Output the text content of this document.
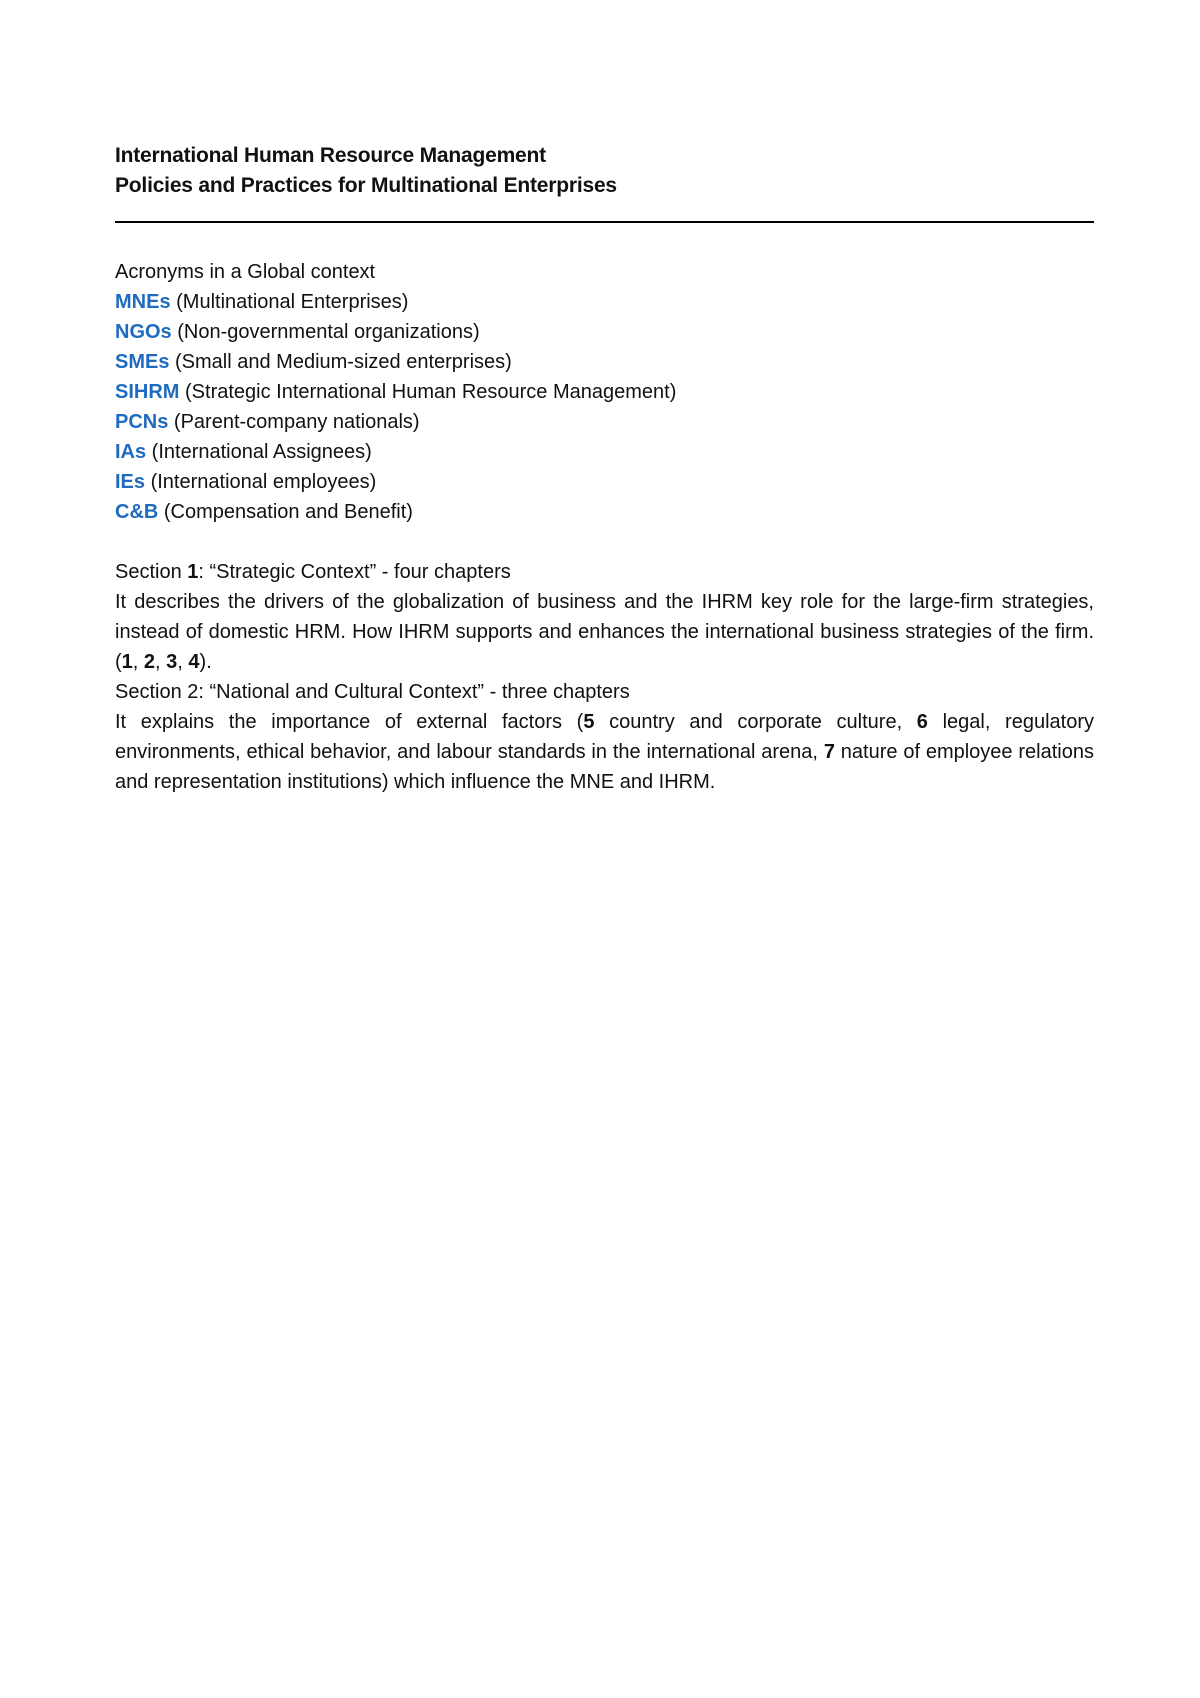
International Human Resource Management

Policies and Practices for Multinational Enterprises

Acronyms in a Global context

MNEs (Multinational Enterprises)

NGOs (Non-governmental organizations)

SMEs (Small and Medium-sized enterprises)

SIHRM (Strategic International Human Resource Management)

PCNs (Parent-company nationals)

IAs (International Assignees)

IEs (International employees)

C&B (Compensation and Benefit)

Section 1: “Strategic Context” - four chapters

It describes the drivers of the globalization of business and the IHRM key role for the large-firm strategies, instead of domestic HRM. How IHRM supports and enhances the international business strategies of the firm. (1, 2, 3, 4).

Section 2: “National and Cultural Context” - three chapters

It explains the importance of external factors (5 country and corporate culture, 6 legal, regulatory environments, ethical behavior, and labour standards in the international arena, 7 nature of employee relations and representation institutions) which influence the MNE and IHRM.
